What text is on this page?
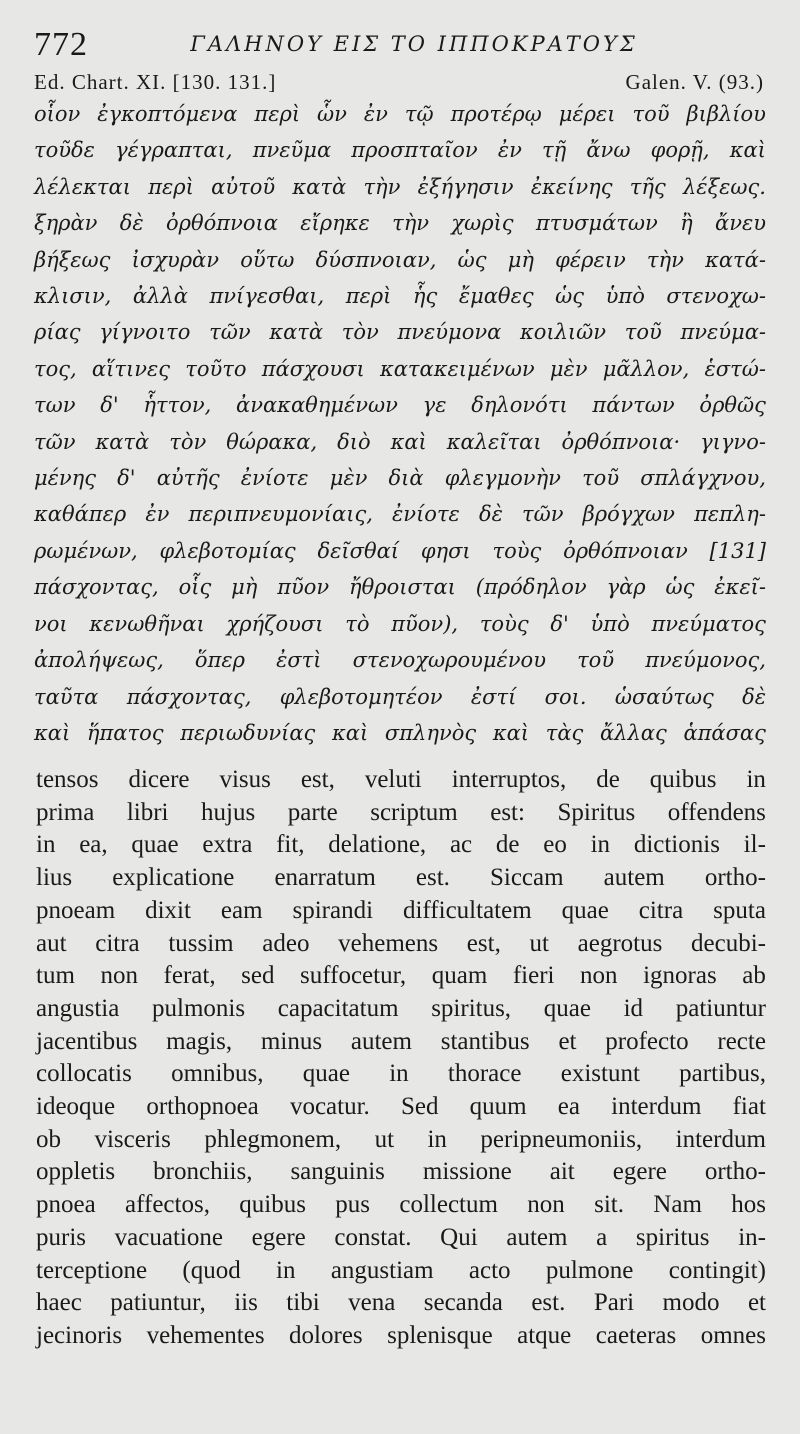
772	ΓΑΛΗΝΟΥ ΕΙΣ ΤΟ ΙΠΠΟΚΡΑΤΟΥΣ
Ed. Chart. XI. [130. 131.]	Galen. V. (93.)
οἷον ἐγκοπτόμενα περὶ ὧν ἐν τῷ προτέρῳ μέρει τοῦ βιβλίου
τοῦδε γέγραπται, πνεῦμα προσπταῖον ἐν τῇ ἄνω φορῇ, καὶ
λέλεκται περὶ αὐτοῦ κατὰ τὴν ἐξήγησιν ἐκείνης τῆς λέξεως.
ξηρὰν δὲ ὀρθόπνοια εἴρηκε τὴν χωρὶς πτυσμάτων ἢ ἄνευ
βήξεως ἰσχυρὰν οὕτω δύσπνοιαν, ὡς μὴ φέρειν τὴν κατά-
κλισιν, ἀλλὰ πνίγεσθαι, περὶ ἧς ἔμαθες ὡς ὑπὸ στενοχω-
ρίας γίγνοιτο τῶν κατὰ τὸν πνεύμονα κοιλιῶν τοῦ πνεύμα-
τος, αἵτινες τοῦτο πάσχουσι κατακειμένων μὲν μᾶλλον, ἑστώ-
των δ' ἧττον, ἀνακαθημένων γε δηλονότι πάντων ὀρθῶς
τῶν κατὰ τὸν θώρακα, διὸ καὶ καλεῖται ὀρθόπνοια· γιγνο-
μένης δ' αὐτῆς ἐνίοτε μὲν διὰ φλεγμονὴν τοῦ σπλάγχνου,
καθάπερ ἐν περιπνευμονίαις, ἐνίοτε δὲ τῶν βρόγχων πεπλη-
ρωμένων, φλεβοτομίας δεῖσθαί φησι τοὺς ὀρθόπνοιαν [131]
πάσχοντας, οἷς μὴ πῦον ἤθροισται (πρόδηλον γὰρ ὡς ἐκεῖ-
νοι κενωθῆναι χρήζουσι τὸ πῦον), τοὺς δ' ὑπὸ πνεύματος
ἀπολήψεως, ὅπερ ἐστὶ στενοχωρουμένου τοῦ πνεύμονος,
ταῦτα πάσχοντας, φλεβοτομητέον ἐστί σοι. ὡσαύτως δὲ
καὶ ἥπατος περιωδυνίας καὶ σπληνὸς καὶ τὰς ἄλλας ἁπάσας
tensos dicere visus est, veluti interruptos, de quibus in
prima libri hujus parte scriptum est: Spiritus offendens
in ea, quae extra fit, delatione, ac de eo in dictionis il-
lius explicatione enarratum est. Siccam autem ortho-
pnoeam dixit eam spirandi difficultatem quae citra sputa
aut citra tussim adeo vehemens est, ut aegrotus decubi-
tum non ferat, sed suffocetur, quam fieri non ignoras ab
angustia pulmonis capacitatum spiritus, quae id patiuntur
jacentibus magis, minus autem stantibus et profecto recte
collocatis omnibus, quae in thorace existunt partibus,
ideoque orthopnoea vocatur. Sed quum ea interdum fiat
ob visceris phlegmonem, ut in peripneumoniis, interdum
oppletis bronchiis, sanguinis missione ait egere ortho-
pnoea affectos, quibus pus collectum non sit. Nam hos
puris vacuatione egere constat. Qui autem a spiritus in-
terceptione (quod in angustiam acto pulmone contingit)
haec patiuntur, iis tibi vena secanda est. Pari modo et
jecinoris vehementes dolores splenisque atque caeteras omnes
